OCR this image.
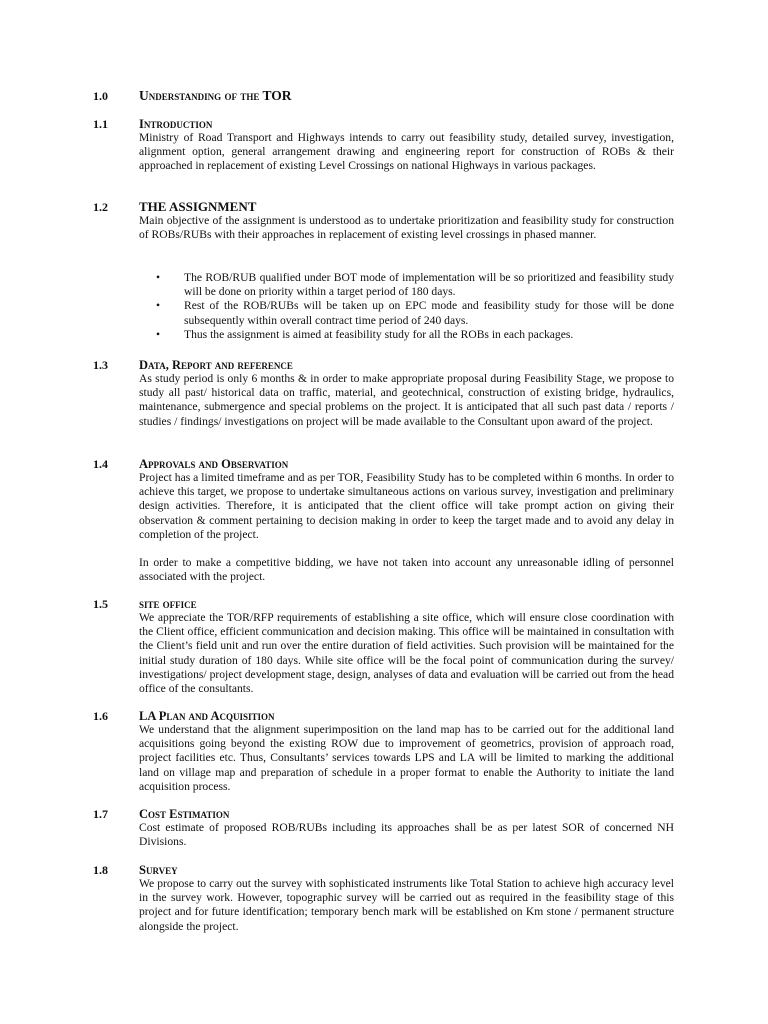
1.0 Understanding of the TOR
1.1 Introduction

Ministry of Road Transport and Highways intends to carry out feasibility study, detailed survey, investigation, alignment option, general arrangement drawing and engineering report for construction of ROBs & their approached in replacement of existing Level Crossings on national Highways in various packages.

1.2 THE ASSIGNMENT

Main objective of the assignment is understood as to undertake prioritization and feasibility study for construction of ROBs/RUBs with their approaches in replacement of existing level crossings in phased manner.

• The ROB/RUB qualified under BOT mode of implementation will be so prioritized and feasibility study will be done on priority within a target period of 180 days.
• Rest of the ROB/RUBs will be taken up on EPC mode and feasibility study for those will be done subsequently within overall contract time period of 240 days.
• Thus the assignment is aimed at feasibility study for all the ROBs in each packages.
1.3 Data, Report and reference

As study period is only 6 months & in order to make appropriate proposal during Feasibility Stage, we propose to study all past/ historical data on traffic, material, and geotechnical, construction of existing bridge, hydraulics, maintenance, submergence and special problems on the project. It is anticipated that all such past data / reports / studies / findings/ investigations on project will be made available to the Consultant upon award of the project.

1.4 Approvals and Observation

Project has a limited timeframe and as per TOR, Feasibility Study has to be completed within 6 months. In order to achieve this target, we propose to undertake simultaneous actions on various survey, investigation and preliminary design activities. Therefore, it is anticipated that the client office will take prompt action on giving their observation & comment pertaining to decision making in order to keep the target made and to avoid any delay in completion of the project.

In order to make a competitive bidding, we have not taken into account any unreasonable idling of personnel associated with the project.

1.5 site office

We appreciate the TOR/RFP requirements of establishing a site office, which will ensure close coordination with the Client office, efficient communication and decision making. This office will be maintained in consultation with the Client’s field unit and run over the entire duration of field activities. Such provision will be maintained for the initial study duration of 180 days. While site office will be the focal point of communication during the survey/ investigations/ project development stage, design, analyses of data and evaluation will be carried out from the head office of the consultants.

1.6 LA Plan and Acquisition

We understand that the alignment superimposition on the land map has to be carried out for the additional land acquisitions going beyond the existing ROW due to improvement of geometrics, provision of approach road, project facilities etc. Thus, Consultants’ services towards LPS and LA will be limited to marking the additional land on village map and preparation of schedule in a proper format to enable the Authority to initiate the land acquisition process.

1.7 Cost Estimation

Cost estimate of proposed ROB/RUBs including its approaches shall be as per latest SOR of concerned NH Divisions.

1.8 Survey

We propose to carry out the survey with sophisticated instruments like Total Station to achieve high accuracy level in the survey work. However, topographic survey will be carried out as required in the feasibility stage of this project and for future identification; temporary bench mark will be established on Km stone / permanent structure alongside the project.
